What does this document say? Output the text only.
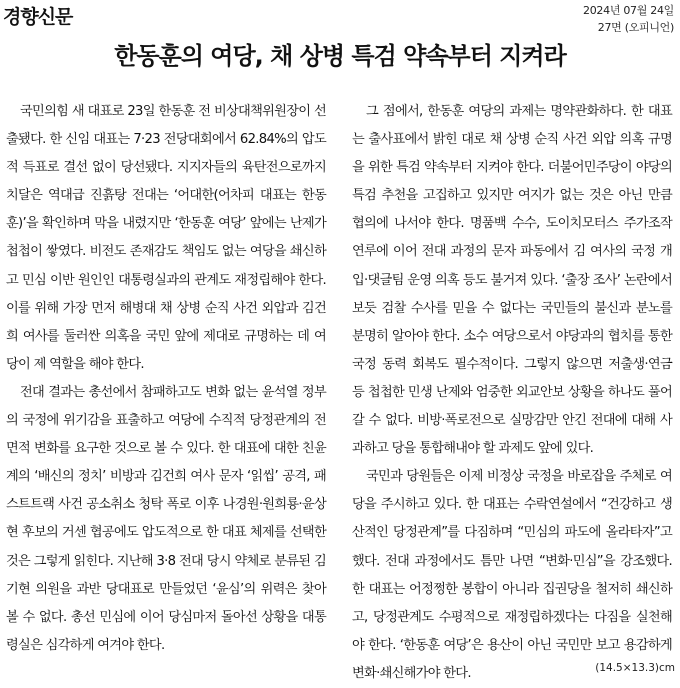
경향신문	2024년 07월 24일
27면 (오피니언)
한동훈의 여당, 채 상병 특검 약속부터 지켜라

국민의힘 새 대표로 23일 한동훈 전 비상대책위원장이 선출됐다. 한 신임 대표는 7·23 전당대회에서 62.84%의 압도적 득표로 결선 없이 당선됐다. 지지자들의 육탄전으로까지 치달은 역대급 진흙탕 전대는 ‘어대한(어차피 대표는 한동훈)’을 확인하며 막을 내렸지만 ‘한동훈 여당’ 앞에는 난제가 첩첩이 쌓였다. 비전도 존재감도 책임도 없는 여당을 쇄신하고 민심 이반 원인인 대통령실과의 관계도 재정립해야 한다. 이를 위해 가장 먼저 해병대 채 상병 순직 사건 외압과 김건희 여사를 둘러싼 의혹을 국민 앞에 제대로 규명하는 데 여당이 제 역할을 해야 한다.

전대 결과는 총선에서 참패하고도 변화 없는 윤석열 정부의 국정에 위기감을 표출하고 여당에 수직적 당정관계의 전면적 변화를 요구한 것으로 볼 수 있다. 한 대표에 대한 친윤계의 ‘배신의 정치’ 비방과 김건희 여사 문자 ‘읽씹’ 공격, 패스트트랙 사건 공소취소 청탁 폭로 이후 나경원·원희룡·윤상현 후보의 거센 협공에도 압도적으로 한 대표 체제를 선택한 것은 그렇게 읽힌다. 지난해 3·8 전대 당시 약체로 분류된 김기현 의원을 과반 당대표로 만들었던 ‘윤심’의 위력은 찾아볼 수 없다. 총선 민심에 이어 당심마저 돌아선 상황을 대통령실은 심각하게 여겨야 한다.

그 점에서, 한동훈 여당의 과제는 명약관화하다. 한 대표는 출사표에서 밝힌 대로 채 상병 순직 사건 외압 의혹 규명을 위한 특검 약속부터 지켜야 한다. 더불어민주당이 야당의 특검 추천을 고집하고 있지만 여지가 없는 것은 아닌 만큼 협의에 나서야 한다. 명품백 수수, 도이치모터스 주가조작 연루에 이어 전대 과정의 문자 파동에서 김 여사의 국정 개입·댓글팀 운영 의혹 등도 불거져 있다. ‘출장 조사’ 논란에서 보듯 검찰 수사를 믿을 수 없다는 국민들의 불신과 분노를 분명히 알아야 한다. 소수 여당으로서 야당과의 협치를 통한 국정 동력 회복도 필수적이다. 그렇지 않으면 저출생·연금 등 첩첩한 민생 난제와 엄중한 외교안보 상황을 하나도 풀어갈 수 없다. 비방·폭로전으로 실망감만 안긴 전대에 대해 사과하고 당을 통합해내야 할 과제도 앞에 있다.

국민과 당원들은 이제 비정상 국정을 바로잡을 주체로 여당을 주시하고 있다. 한 대표는 수락연설에서 “건강하고 생산적인 당정관계”를 다짐하며 “민심의 파도에 올라타자”고 했다. 전대 과정에서도 틈만 나면 “변화·민심”을 강조했다. 한 대표는 어정쩡한 봉합이 아니라 집권당을 철저히 쇄신하고, 당정관계도 수평적으로 재정립하겠다는 다짐을 실천해야 한다. ‘한동훈 여당’은 용산이 아닌 국민만 보고 용감하게 변화·쇄신해가야 한다.	(14.5×13.3)cm
